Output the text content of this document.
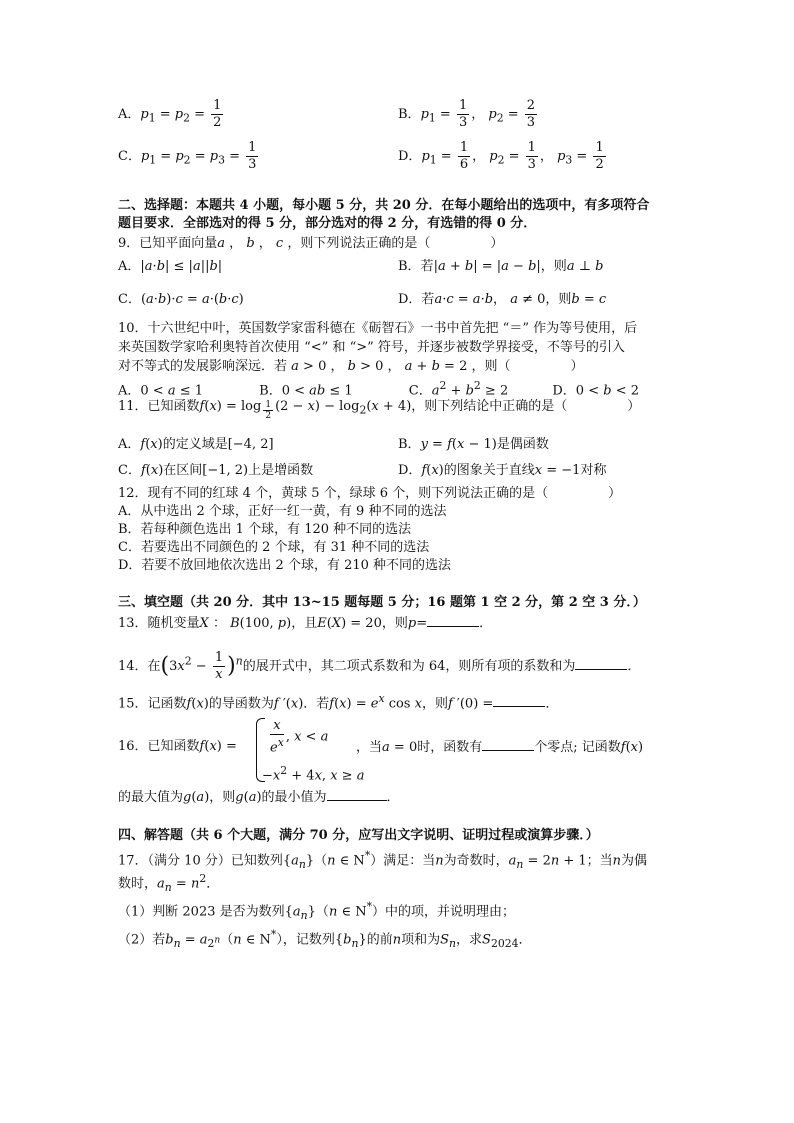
A．$p_1 = p_2 = \frac{1}{2}$	B．$p_1 = \frac{1}{3}$ ， $p_2 = \frac{2}{3}$
C．$p_1 = p_2 = p_3 = \frac{1}{3}$	D．$p_1 = \frac{1}{6}$ ， $p_2 = \frac{1}{3}$ ， $p_3 = \frac{1}{2}$
二、选择题：本题共 4 小题，每小题 5 分，共 20 分．在每小题给出的选项中，有多项符合
题目要求．全部选对的得 5 分，部分选对的得 2 分，有选错的得 0 分．
9．已知平面向量a ， b ， c ，则下列说法正确的是（	）
A．|a·b| ≤ |a||b|	B．若|a + b| = |a − b|，则a ⊥ b
C．(a·b)·c = a·(b·c)	D．若a·c = a·b， a ≠ 0，则b = c
10．十六世纪中叶，英国数学家雷科德在《砺智石》一书中首先把 “＝” 作为等号使用，后
来英国数学家哈利奥特首次使用 “<” 和 “>” 符号，并逐步被数学界接受，不等号的引入
对不等式的发展影响深远．若 a > 0 ， b > 0 ， a + b = 2 ，则（	）
A．0 < a ≤ 1	B．0 < ab ≤ 1	C．$a^2 + b^2 \ge 2$	D．0 < b < 2
11．已知函数f(x) = log $_{\frac{1}{2}}$ $(2 - x) - \log_2(x + 4)$，则下列结论中正确的是（	）
A．f(x)的定义域是[−4, 2]	B．y = f(x − 1)是偶函数
C．f(x)在区间[−1, 2)上是增函数	D．f(x)的图象关于直线x = −1对称
12．现有不同的红球 4 个，黄球 5 个，绿球 6 个，则下列说法正确的是（	）
A．从中选出 2 个球，正好一红一黄，有 9 种不同的选法
B．若每种颜色选出 1 个球，有 120 种不同的选法
C．若要选出不同颜色的 2 个球，有 31 种不同的选法
D．若要不放回地依次选出 2 个球，有 210 种不同的选法
三、填空题（共 20 分．其中 13~15 题每题 5 分；16 题第 1 空 2 分，第 2 空 3 分．）
13．随机变量X ： B(100, p)，且E(X) = 20，则p=	．
14．在$(3x^2 - \frac{1}{x} )^n$的展开式中，其二项式系数和为 64，则所有项的系数和为	．
15．记函数f(x)的导函数为f ′(x)．若$f(x) = e^x$ cos x，则f ′(0) =	．
16．已知函数f(x) =	$\frac{x}{e^x}$ , x < a
$-x^2 + 4x$, x ≥ a
，当a = 0时，函数有	个零点; 记函数f(x)
的最大值为g(a)，则g(a)的最小值为	．
四、解答题（共 6 个大题，满分 70 分，应写出文字说明、证明过程或演算步骤．）
17．（满分 10 分）已知数列$\{a_n\}(n$ ∈ N*）满足：当n为奇数时，$a_n = 2n + 1$；当n为偶
数时，$a_n = n^2$．
（1）判断 2023 是否为数列$\{a_n\}(n$ ∈ N*）中的项，并说明理由；
（2）若$b_n = a_{2^n}(n$ ∈ N*），记数列$\{b_n\}$的前n项和为$S_n$，求$S_{2024}$．
